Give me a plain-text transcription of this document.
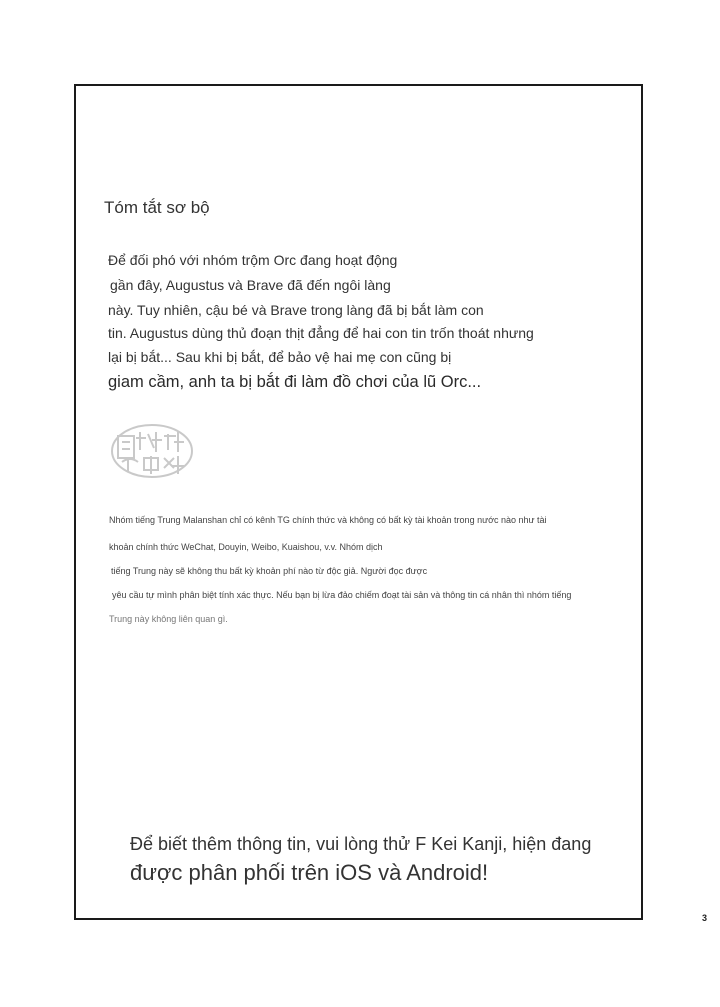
Tóm tắt sơ bộ
Để đối phó với nhóm trộm Orc đang hoạt động
gần đây, Augustus và Brave đã đến ngôi làng
này. Tuy nhiên, cậu bé và Brave trong làng đã bị bắt làm con
tin. Augustus dùng thủ đoạn thịt đẳng để hai con tin trốn thoát nhưng
lại bị bắt... Sau khi bị bắt, để bảo vệ hai mẹ con cũng bị
giam cầm, anh ta bị bắt đi làm đồ chơi của lũ Orc...
Nhóm tiếng Trung Malanshan chỉ có kênh TG chính thức và không có bất kỳ tài khoản trong nước nào như tài
khoản chính thức WeChat, Douyin, Weibo, Kuaishou, v.v. Nhóm dịch
tiếng Trung này sẽ không thu bất kỳ khoản phí nào từ độc giả. Người đọc được
yêu cầu tự mình phân biệt tính xác thực. Nếu bạn bị lừa đảo chiếm đoạt tài sản và thông tin cá nhân thì nhóm tiếng
Trung này không liên quan gì.
Để biết thêm thông tin, vui lòng thử F Kei Kanji, hiện đang
được phân phối trên iOS và Android!
3
